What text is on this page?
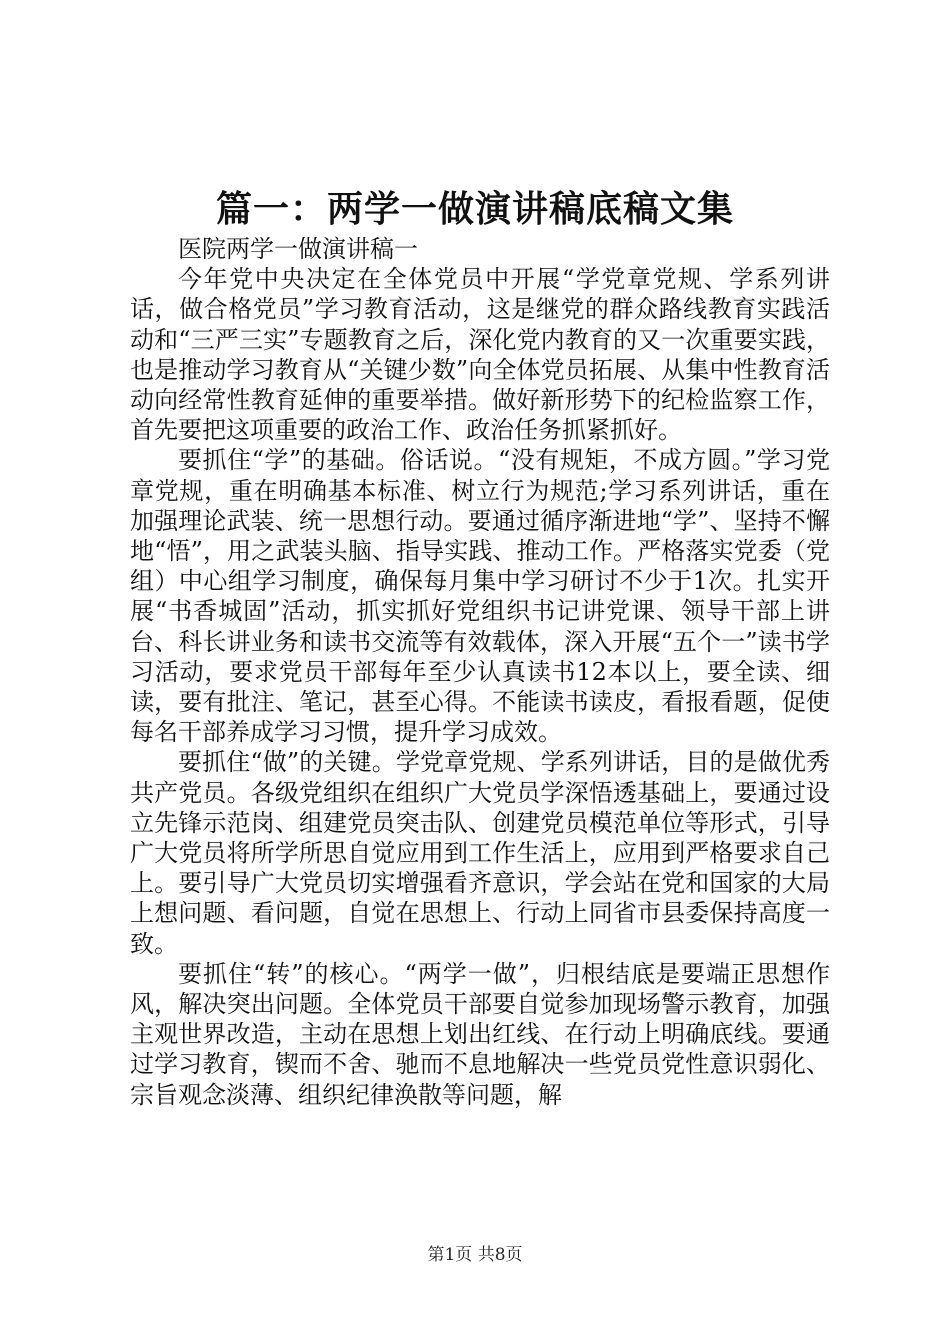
篇一：两学一做演讲稿底稿文集

医院两学一做演讲稿一

今年党中央决定在全体党员中开展“学党章党规、学系列讲话，做合格党员”学习教育活动，这是继党的群众路线教育实践活动和“三严三实”专题教育之后，深化党内教育的又一次重要实践，也是推动学习教育从“关键少数”向全体党员拓展、从集中性教育活动向经常性教育延伸的重要举措。做好新形势下的纪检监察工作，首先要把这项重要的政治工作、政治任务抓紧抓好。

要抓住“学”的基础。俗话说。“没有规矩，不成方圆。”学习党章党规，重在明确基本标准、树立行为规范;学习系列讲话，重在加强理论武装、统一思想行动。要通过循序渐进地“学”、坚持不懈地“悟”，用之武装头脑、指导实践、推动工作。严格落实党委（党组）中心组学习制度，确保每月集中学习研讨不少于1次。扎实开展“书香城固”活动，抓实抓好党组织书记讲党课、领导干部上讲台、科长讲业务和读书交流等有效载体，深入开展“五个一”读书学习活动，要求党员干部每年至少认真读书12本以上，要全读、细读，要有批注、笔记，甚至心得。不能读书读皮，看报看题，促使每名干部养成学习习惯，提升学习成效。

要抓住“做”的关键。学党章党规、学系列讲话，目的是做优秀共产党员。各级党组织在组织广大党员学深悟透基础上，要通过设立先锋示范岗、组建党员突击队、创建党员模范单位等形式，引导广大党员将所学所思自觉应用到工作生活上，应用到严格要求自己上。要引导广大党员切实增强看齐意识，学会站在党和国家的大局上想问题、看问题，自觉在思想上、行动上同省市县委保持高度一致。

要抓住“转”的核心。“两学一做”，归根结底是要端正思想作风，解决突出问题。全体党员干部要自觉参加现场警示教育，加强主观世界改造，主动在思想上划出红线、在行动上明确底线。要通过学习教育，锲而不舍、驰而不息地解决一些党员党性意识弱化、宗旨观念淡薄、组织纪律涣散等问题，解

第1页 共8页
